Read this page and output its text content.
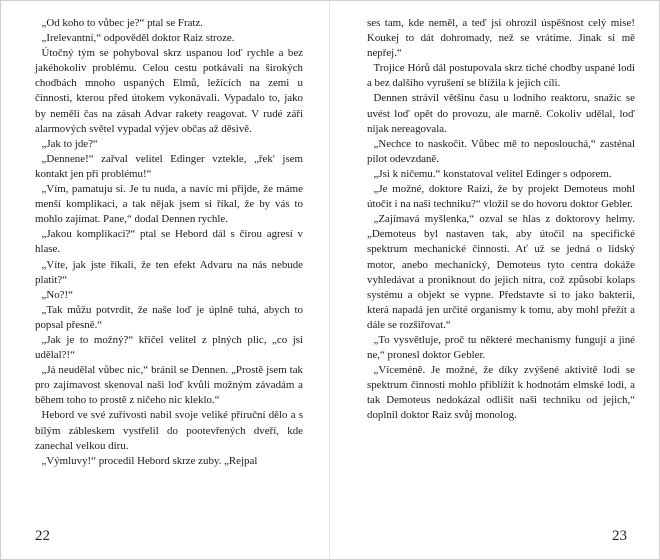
„Od koho to vůbec je?“ ptal se Fratz.

„Irelevantní,“ odpověděl doktor Raiz stroze.

Útočný tým se pohyboval skrz uspanou loď rychle a bez jakéhokoliv problému. Celou cestu potkávali na širokých chodbách mnoho uspaných Elmů, ležících na zemi u činnosti, kterou před útokem vykonávali. Vypadalo to, jako by neměli čas na zásah Advar rakety reagovat. V rudé záři alarmových světel vypadal výjev občas až děsivě.

„Jak to jde?“

„Dennene!“ zařval velitel Edinger vztekle, „řek' jsem kontakt jen při problému!“

„Vím, pamatuju si. Je tu nuda, a navíc mi přijde, že máme menší komplikaci, a tak nějak jsem si říkal, že by vás to mohlo zajímat. Pane,“ dodal Dennen rychle.

„Jakou komplikaci?“ ptal se Hebord dál s čirou agresí v hlase.

„Víte, jak jste říkali, že ten efekt Advaru na nás nebude platit?“

„No?!“

„Tak můžu potvrdit, že naše loď je úplně tuhá, abych to popsal přesně.“

„Jak je to možný?“ křičel velitel z plných plic, „co jsi udělal?!“

„Já neudělal vůbec nic,“ bránil se Dennen. „Prostě jsem tak pro zajímavost skenoval naši loď kvůli možným závadám a během toho to prostě z ničeho nic kleklo.“

Hebord ve své zuřivosti nabil svoje veliké příruční dělo a s bílým zábleskem vystřelil do pootevřených dveří, kde zanechal velkou díru.

„Výmluvy!“ procedil Hebord skrze zuby. „Rejpal

22

ses tam, kde neměl, a teď jsi ohrozil úspěšnost celý mise! Koukej to dát dohromady, než se vrátíme. Jinak si mě nepřej.“

Trojice Hórů dál postupovala skrz tiché chodby uspané lodi a bez dalšího vyrušení se blížila k jejich cíli.

Dennen strávil většinu času u lodního reaktoru, snažíc se uvést loď opět do provozu, ale marně. Cokoliv udělal, loď nijak nereagovala.

„Nechce to naskočit. Vůbec mě to neposlouchá,“ zasténal pilot odevzdaně.

„Jsi k ničemu.“ konstatoval velitel Edinger s odporem.

„Je možné, doktore Raizi, že by projekt Demoteus mohl útočit i na naši techniku?“ vložil se do hovoru doktor Gebler.

„Zajímavá myšlenka,“ ozval se hlas z doktorovy helmy. „Demoteus byl nastaven tak, aby útočil na specifické spektrum mechanické činnosti. Ať už se jedná o lidský motor, anebo mechanický, Demoteus tyto centra dokáže vyhledávat a proniknout do jejich nitra, což způsobí kolaps systému a objekt se vypne. Představte si to jako bakterii, která napadá jen určité organismy k tomu, aby mohl přežít a dále se rozšiřovat.“

„To vysvětluje, proč tu některé mechanismy fungují a jiné ne,“ pronesl doktor Gebler.

„Víceméně. Je možné, že díky zvýšené aktivitě lodi se spektrum činnosti mohlo přiblížit k hodnotám elmské lodi, a tak Demoteus nedokázal odlišit naši techniku od jejich,“ doplnil doktor Raiz svůj monolog.

23
